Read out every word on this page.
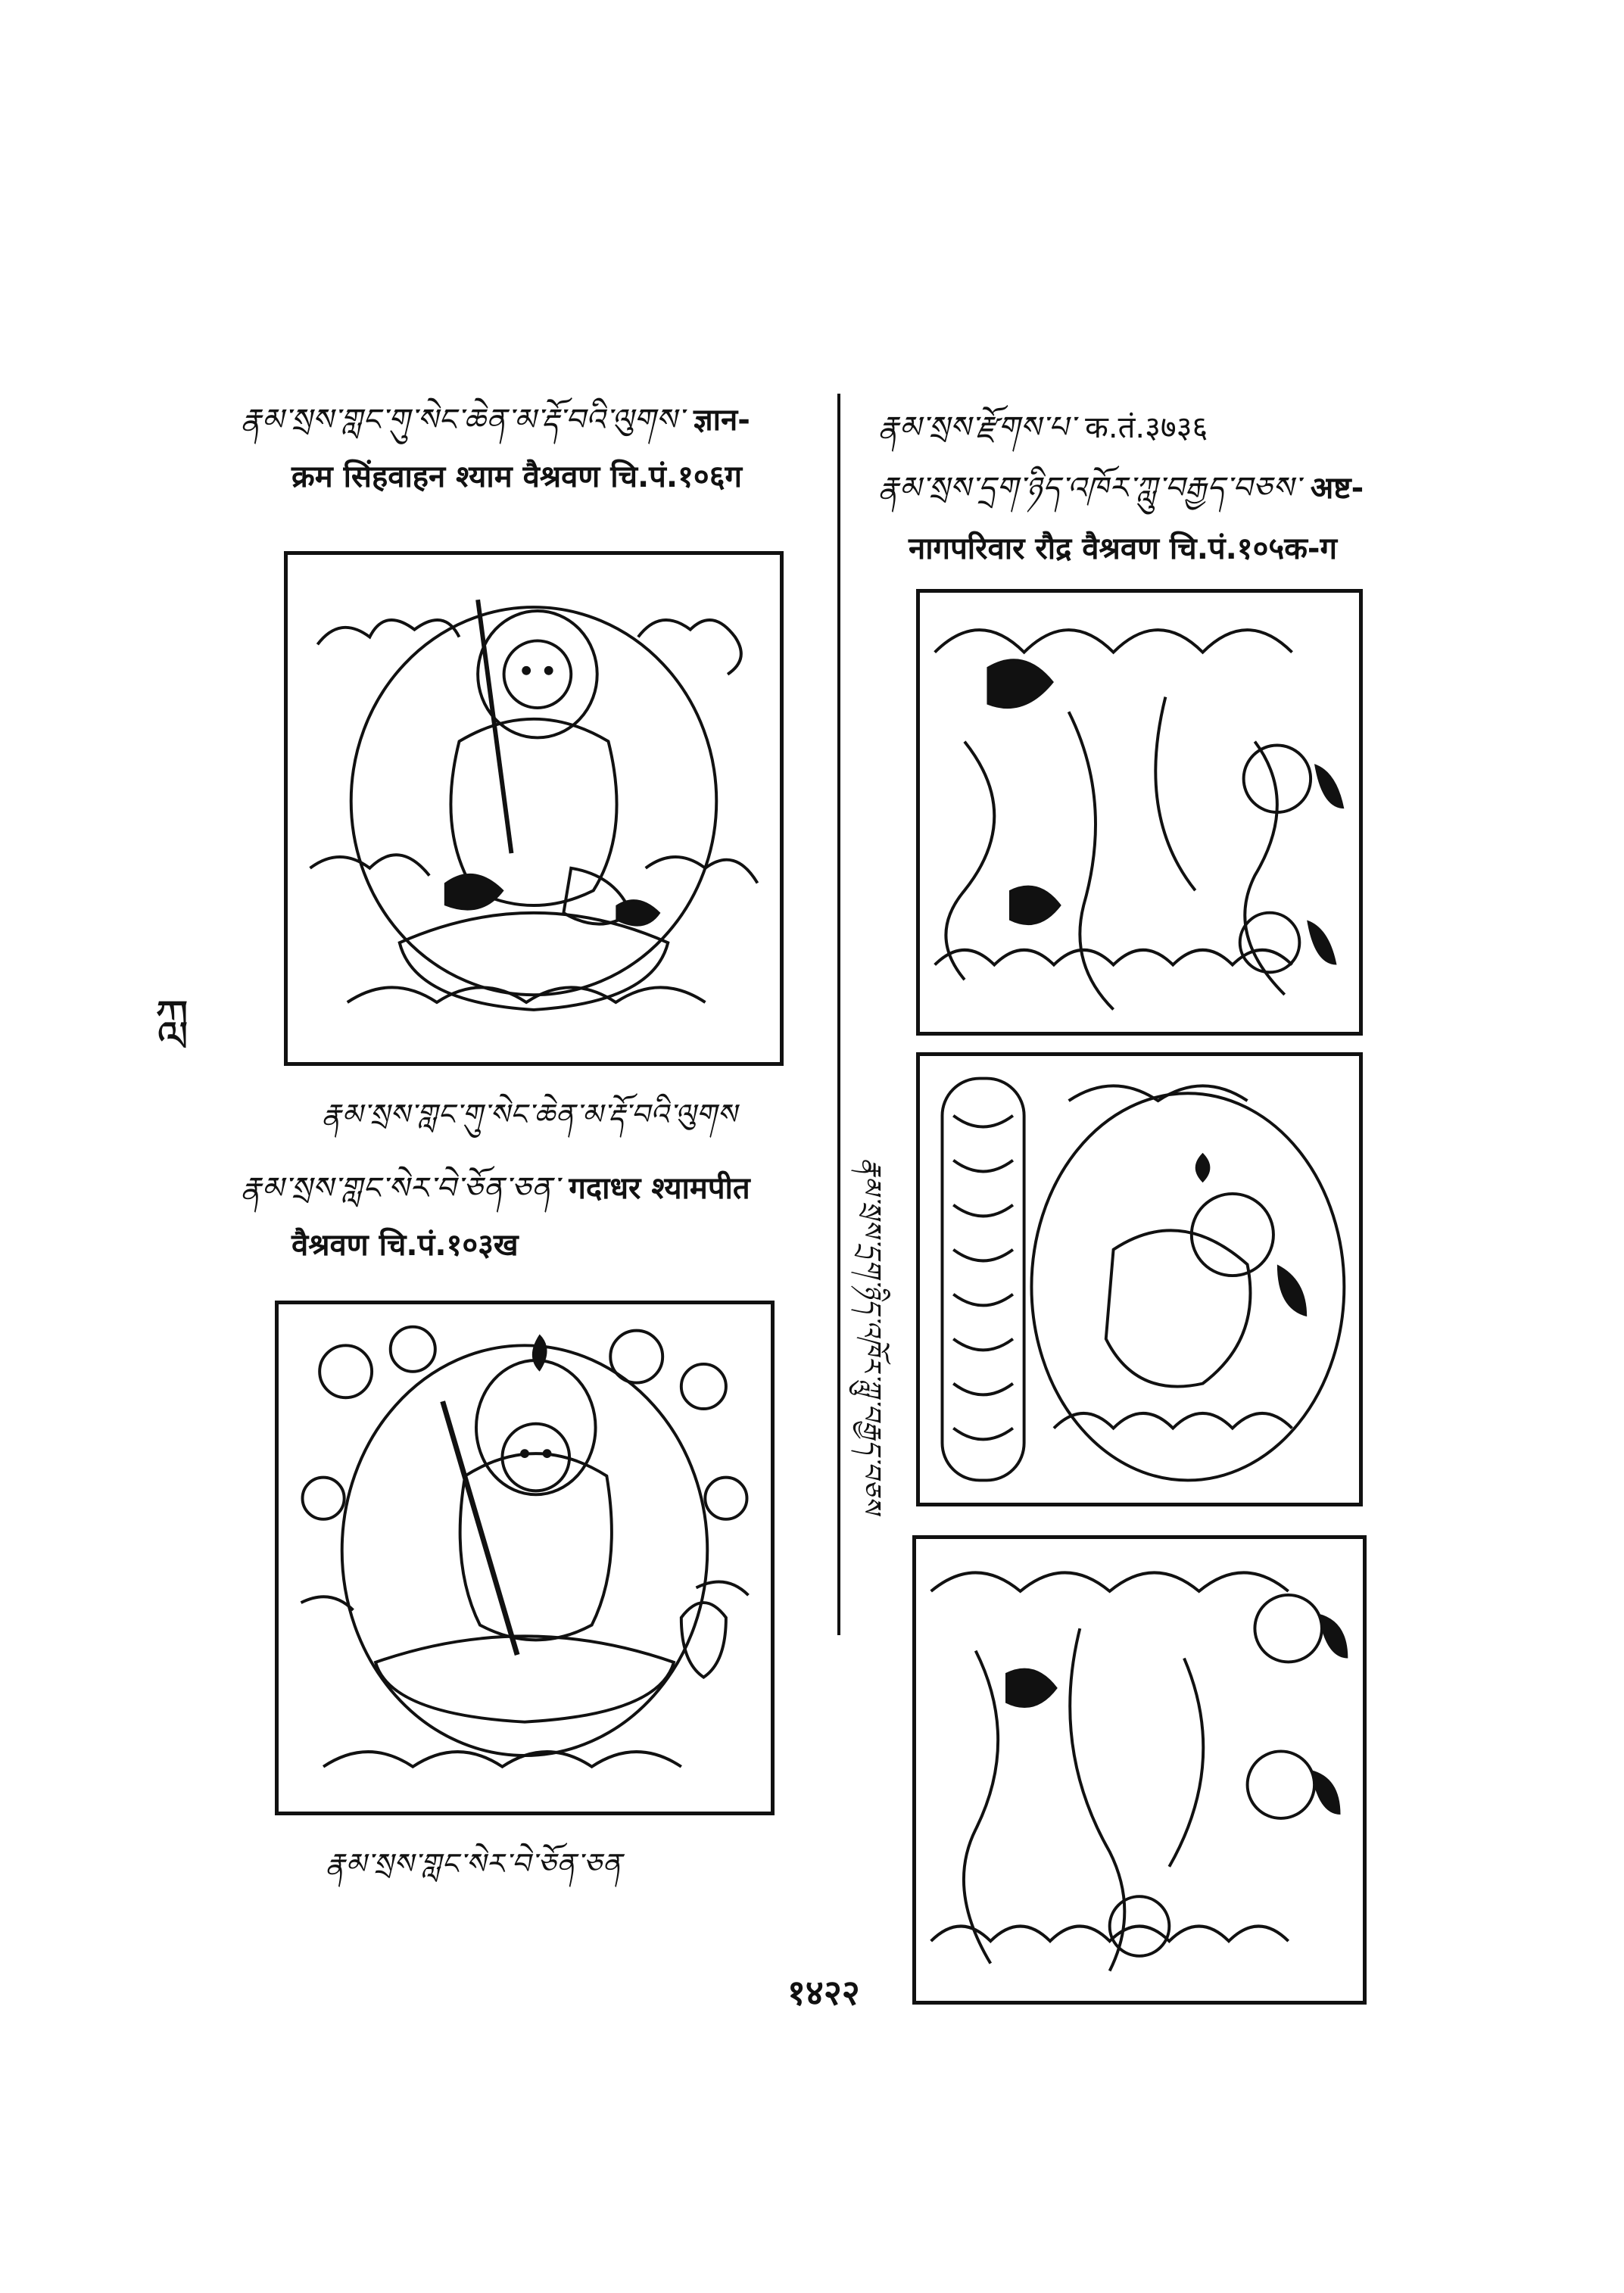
རྣམ་སྲས་གླང་གུ་སེང་ཆེན་མ་རྡོ་བའི་ལུགས་ ज्ञान-
क्रम सिंहवाहन श्याम वैश्रवण चि.पं.१०६ग
རྣམ་སྲས་གླང་གུ་སེང་ཆེན་མ་རྡོ་བའི་ལུགས
རྣམ་སྲས་གླང་སེར་བེ་ཅོན་ཅན་ गदाधर श्यामपीत
वैश्रवण चि.पं.१०३ख
རྣམ་སྲས་གླང་སེར་བེ་ཅོན་ཅན
རྣམ་སྲས་རྫོགས་པ་ क.तं.३७३६
རྣམ་སྲས་དྲག་ཉིད་འཁོར་ཀླུ་བརྒྱད་བཅས་ अष्ट-
नागपरिवार रौद्र वैश्रवण चि.पं.१०५क-ग
རྣམ་སྲས་དྲག་ཉིད་འཁོར་ཀླུ་བརྒྱད་བཅས
ཀླ
१४२२
